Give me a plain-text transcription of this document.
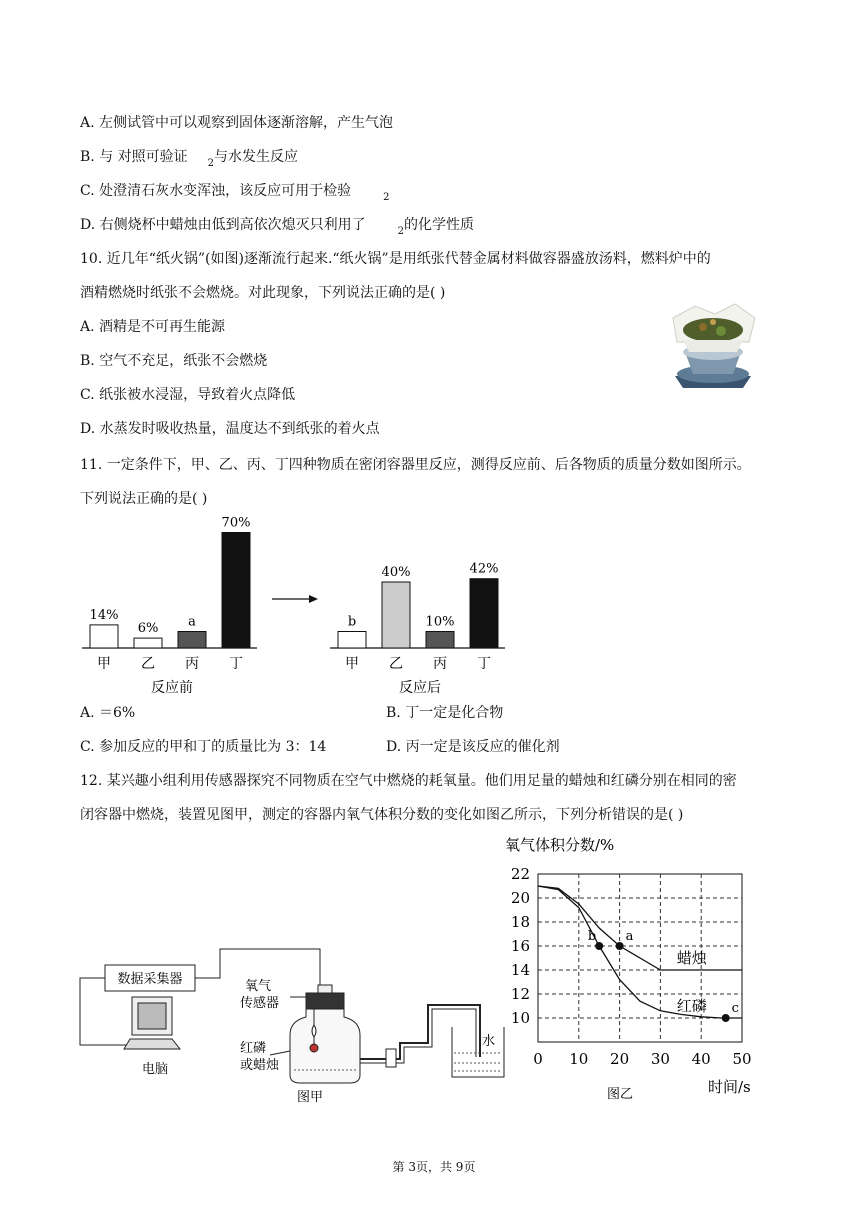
A. 左侧试管中可以观察到固体逐渐溶解，产生气泡
B. 与 对照可验证 $_2$与水发生反应
C. 处澄清石灰水变浑浊，该反应可用于检验	$_2$
D. 右侧烧杯中蜡烛由低到高依次熄灭只利用了	$_2$的化学性质
10. 近几年“纸火锅”(如图)逐渐流行起来.“纸火锅”是用纸张代替金属材料做容器盛放汤料，燃料炉中的
酒精燃烧时纸张不会燃烧。对此现象，下列说法正确的是( )
A. 酒精是不可再生能源
B. 空气不充足，纸张不会燃烧
C. 纸张被水浸湿，导致着火点降低
D. 水蒸发时吸收热量，温度达不到纸张的着火点
11. 一定条件下，甲、乙、丙、丁四种物质在密闭容器里反应，测得反应前、后各物质的质量分数如图所示。
下列说法正确的是( )
14%
甲
6%
乙
a
丙
70%
丁
反应前
b
甲
40%
乙
10%
丙
42%
丁
反应后
A. ＝6%	B. 丁一定是化合物
C. 参加反应的甲和丁的质量比为 3：14	D. 丙一定是该反应的催化剂
12. 某兴趣小组利用传感器探究不同物质在空气中燃烧的耗氧量。他们用足量的蜡烛和红磷分别在相同的密
闭容器中燃烧，装置见图甲，测定的容器内氧气体积分数的变化如图乙所示，下列分析错误的是( )
数据采集器
电脑
氧气
传感器
红磷
或蜡烛
水
图甲
氧气体积分数/%
10
12
14
16
18
20
22
0 10 20 30 40 50
蜡烛
红磷
b a
c
时间/s
图乙
第 3页，共 9页
